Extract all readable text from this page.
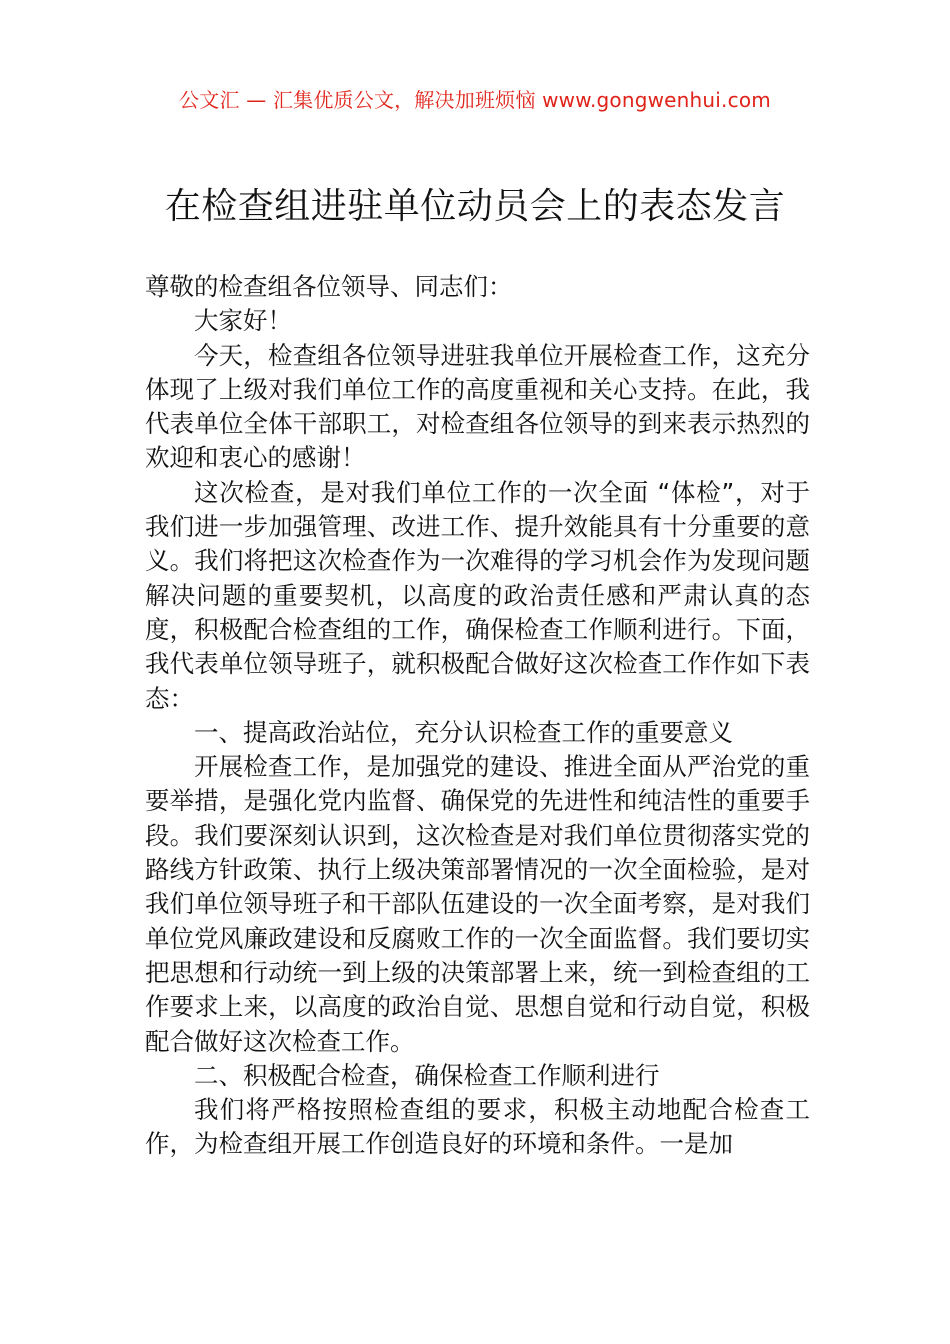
公文汇 — 汇集优质公文，解决加班烦恼 www.gongwenhui.com
在检查组进驻单位动员会上的表态发言

尊敬的检查组各位领导、同志们：

大家好！

今天，检查组各位领导进驻我单位开展检查工作，这充分体现了上级对我们单位工作的高度重视和关心支持。在此，我代表单位全体干部职工，对检查组各位领导的到来表示热烈的欢迎和衷心的感谢！

这次检查，是对我们单位工作的一次全面 “体检”，对于我们进一步加强管理、改进工作、提升效能具有十分重要的意义。我们将把这次检查作为一次难得的学习机会作为发现问题解决问题的重要契机，以高度的政治责任感和严肃认真的态度，积极配合检查组的工作，确保检查工作顺利进行。下面，我代表单位领导班子，就积极配合做好这次检查工作作如下表态：

一、提高政治站位，充分认识检查工作的重要意义

开展检查工作，是加强党的建设、推进全面从严治党的重要举措，是强化党内监督、确保党的先进性和纯洁性的重要手段。我们要深刻认识到，这次检查是对我们单位贯彻落实党的路线方针政策、执行上级决策部署情况的一次全面检验，是对我们单位领导班子和干部队伍建设的一次全面考察，是对我们单位党风廉政建设和反腐败工作的一次全面监督。我们要切实把思想和行动统一到上级的决策部署上来，统一到检查组的工作要求上来，以高度的政治自觉、思想自觉和行动自觉，积极配合做好这次检查工作。

二、积极配合检查，确保检查工作顺利进行

我们将严格按照检查组的要求，积极主动地配合检查工作，为检查组开展工作创造良好的环境和条件。一是加
